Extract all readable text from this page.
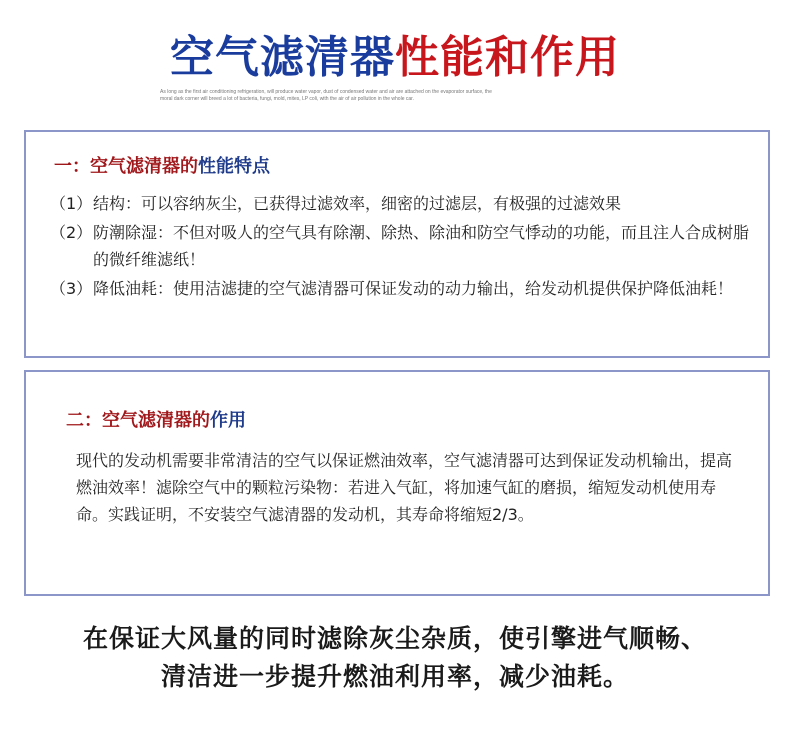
空气滤清器性能和作用
As long as the first air conditioning refrigeration, will produce water vapor, dust of condensed water and air are attached on the evaporator surface, the moral dark corner will breed a lot of bacteria, fungi, mold, mites, LP coli, with the air of air pollution in the whole car.
一：空气滤清器的性能特点
（1） 结构：可以容纳灰尘，已获得过滤效率，细密的过滤层，有极强的过滤效果
（2） 防潮除湿：不但对吸人的空气具有除潮、除热、除油和防空气悸动的功能，而且注人合成树脂的微纤维滤纸！
（3） 降低油耗：使用洁滤捷的空气滤清器可保证发动的动力输出，给发动机提供保护降低油耗！
二：空气滤清器的作用
现代的发动机需要非常清洁的空气以保证燃油效率，空气滤清器可达到保证发动机输出，提高燃油效率！滤除空气中的颗粒污染物：若进入气缸，将加速气缸的磨损，缩短发动机使用寿命。实践证明，不安装空气滤清器的发动机，其寿命将缩短2/3。
在保证大风量的同时滤除灰尘杂质，使引擎进气顺畅、
清洁进一步提升燃油利用率，减少油耗。
